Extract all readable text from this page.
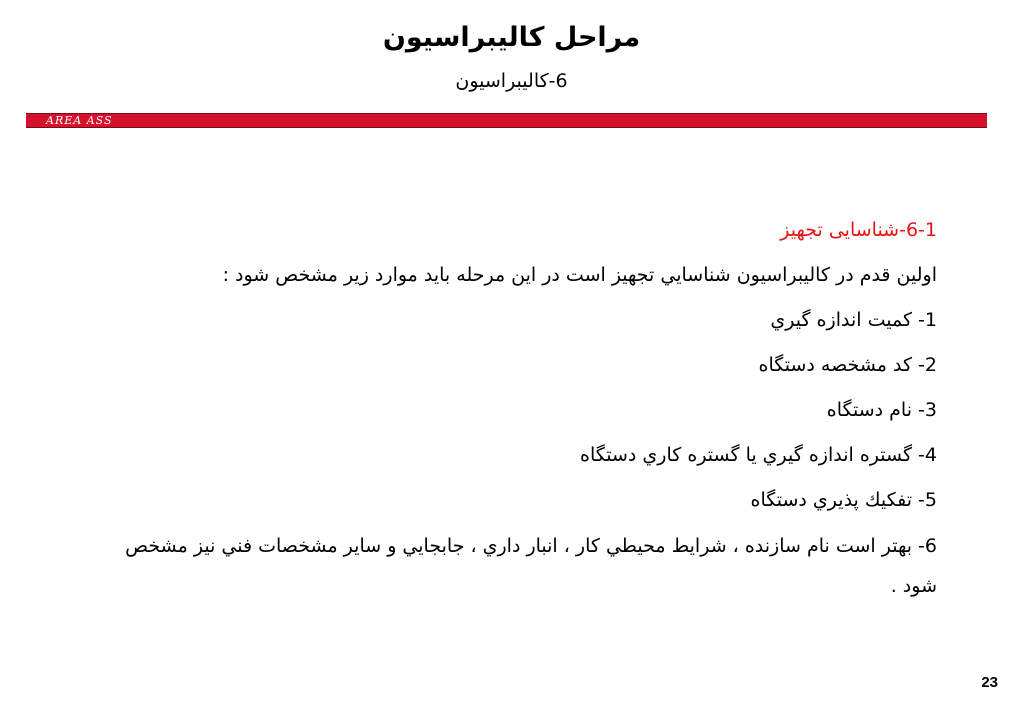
مراحل کالیبراسیون
6-کالیبراسیون
AREA ASS
6-1-شناسایی تجهیز
اولین قدم در کالیبراسیون شناسايي تجهیز است در این مرحله باید موارد زیر مشخص شود :
1- كميت اندازه گيري
2- کد مشخصه دستگاه
3- نام دستگاه
4- گستره اندازه گيري يا گستره كاري دستگاه
5- تفكيك پذيري دستگاه
6- بهتر است نام سازنده ، شرايط محيطي كار ، انبار داري ، جابجايي و ساير مشخصات فني نيز مشخص شود .
23
